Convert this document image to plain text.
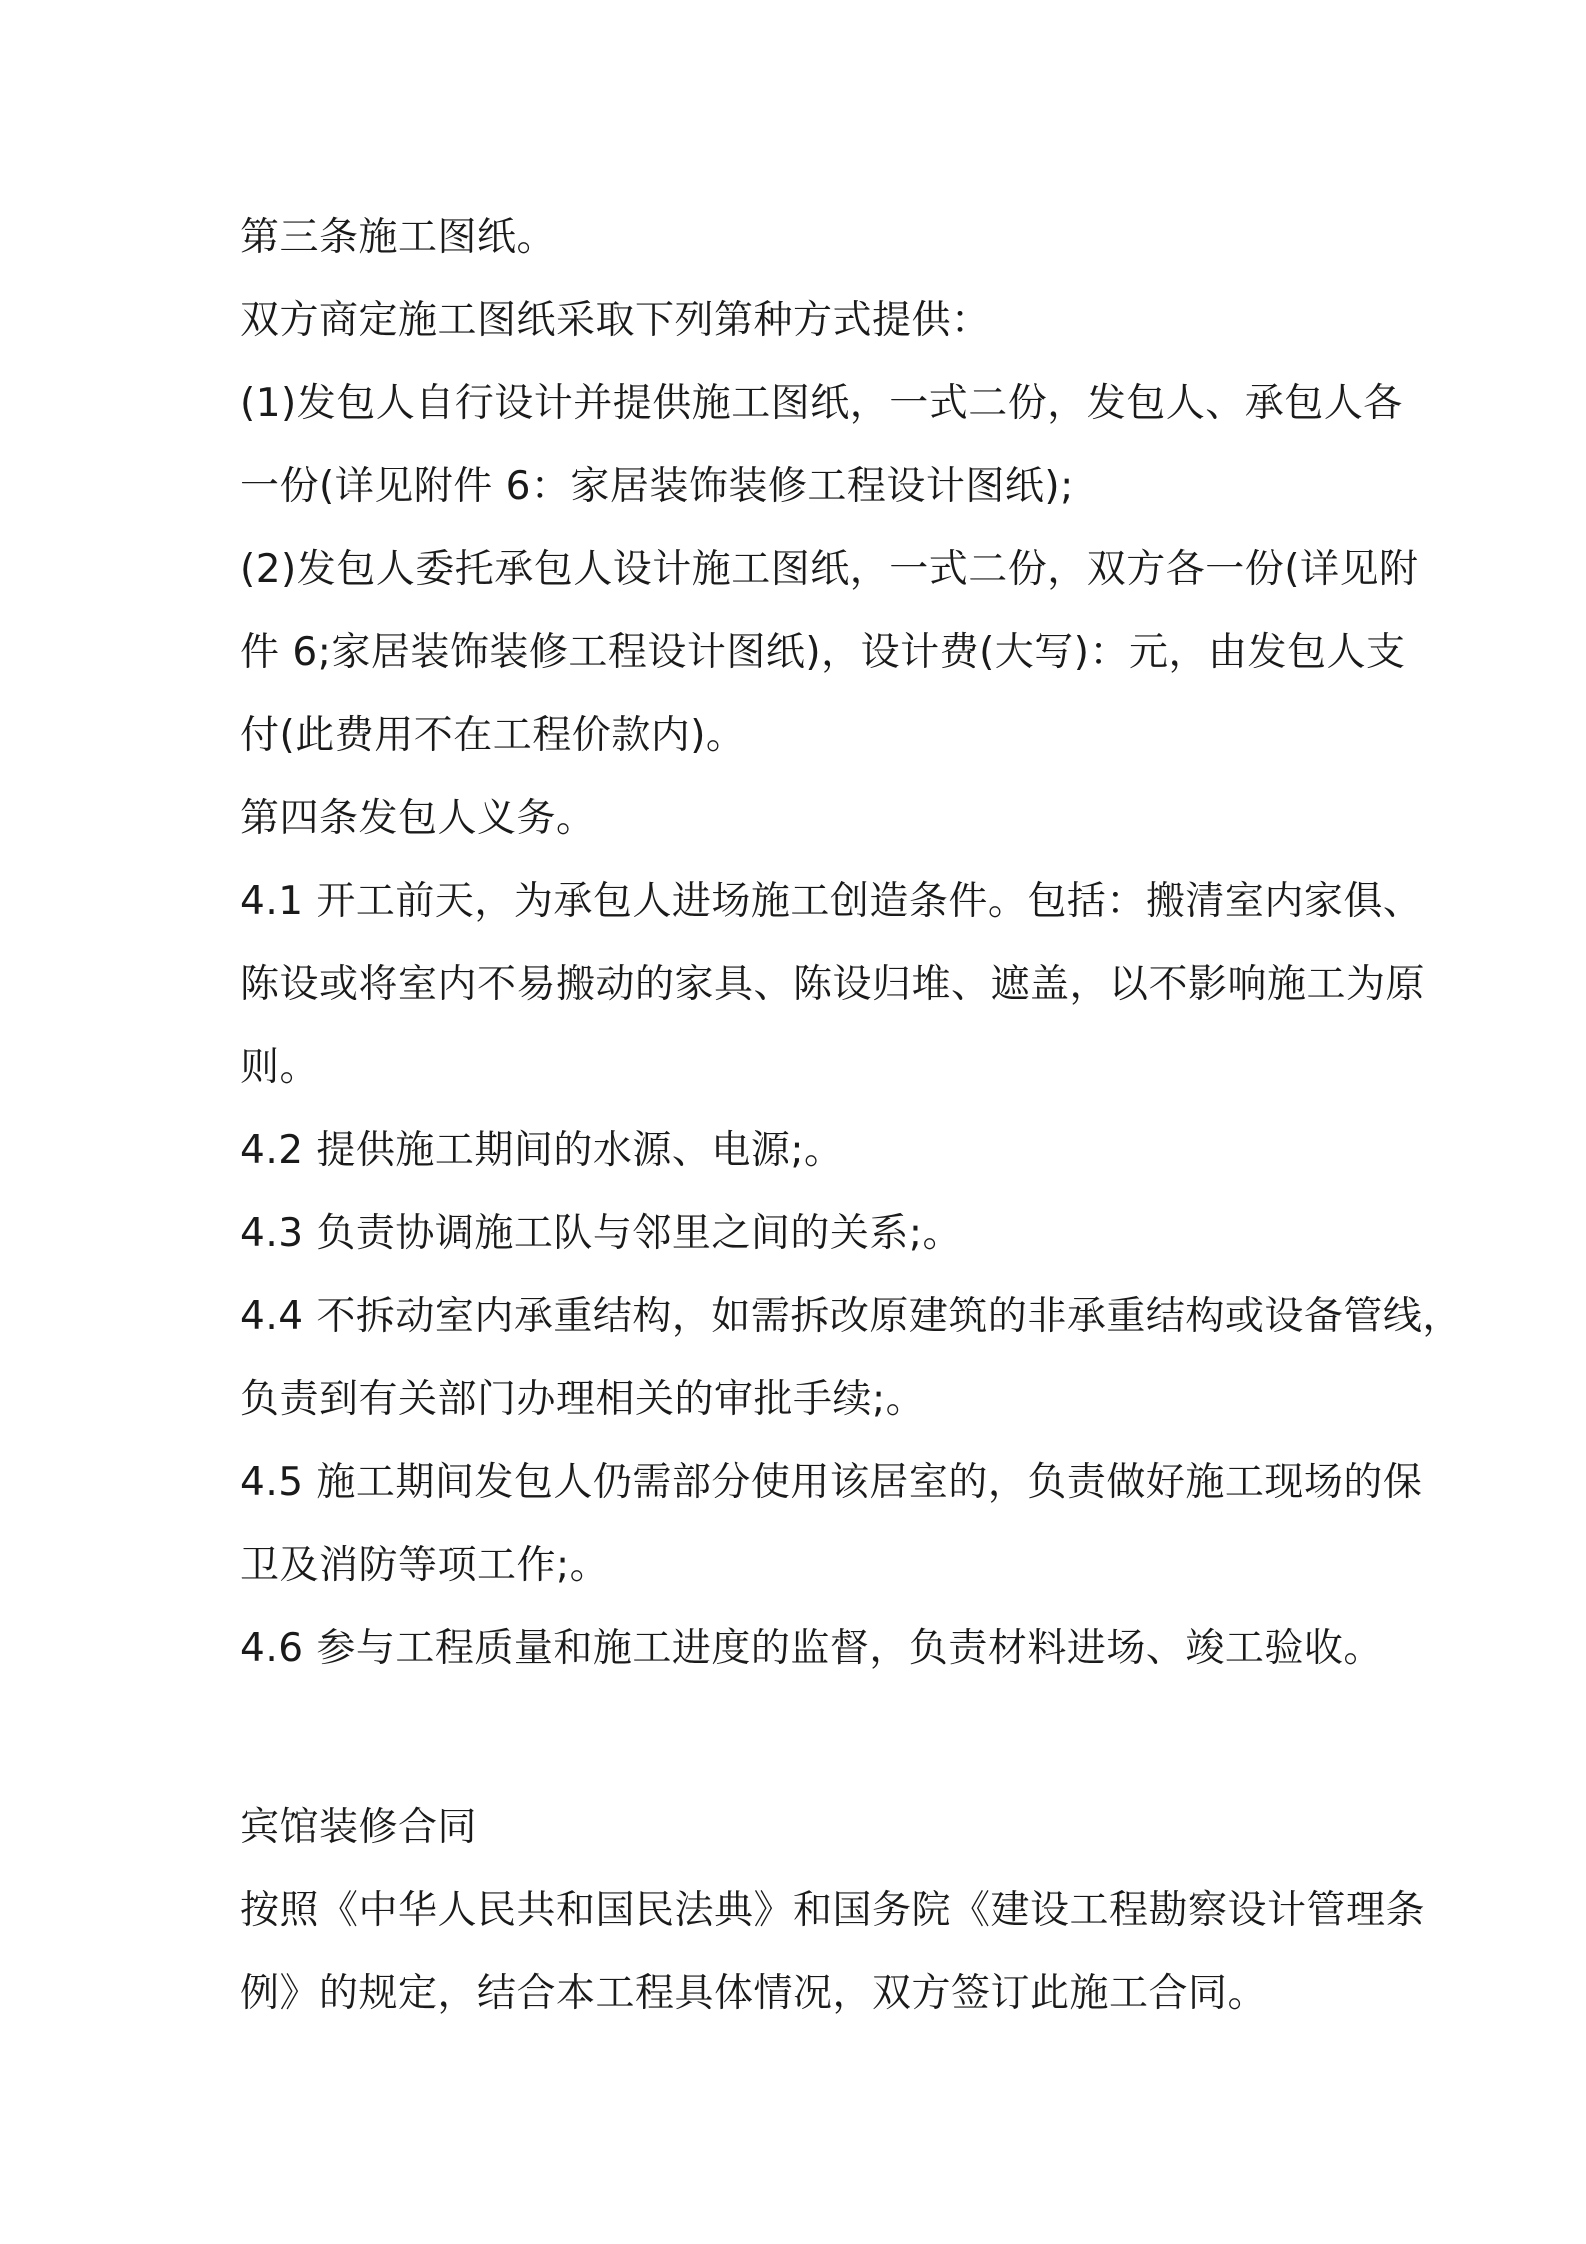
第三条施工图纸。
双方商定施工图纸采取下列第种方式提供：
(1)发包人自行设计并提供施工图纸，一式二份，发包人、承包人各
一份(详见附件 6：家居装饰装修工程设计图纸);
(2)发包人委托承包人设计施工图纸，一式二份，双方各一份(详见附
件 6;家居装饰装修工程设计图纸)，设计费(大写)：元，由发包人支
付(此费用不在工程价款内)。
第四条发包人义务。
4.1 开工前天，为承包人进场施工创造条件。包括：搬清室内家俱、
陈设或将室内不易搬动的家具、陈设归堆、遮盖，以不影响施工为原
则。
4.2 提供施工期间的水源、电源;。
4.3 负责协调施工队与邻里之间的关系;。
4.4 不拆动室内承重结构，如需拆改原建筑的非承重结构或设备管线，
负责到有关部门办理相关的审批手续;。
4.5 施工期间发包人仍需部分使用该居室的，负责做好施工现场的保
卫及消防等项工作;。
4.6 参与工程质量和施工进度的监督，负责材料进场、竣工验收。
宾馆装修合同
按照《中华人民共和国民法典》和国务院《建设工程勘察设计管理条
例》的规定，结合本工程具体情况，双方签订此施工合同。
